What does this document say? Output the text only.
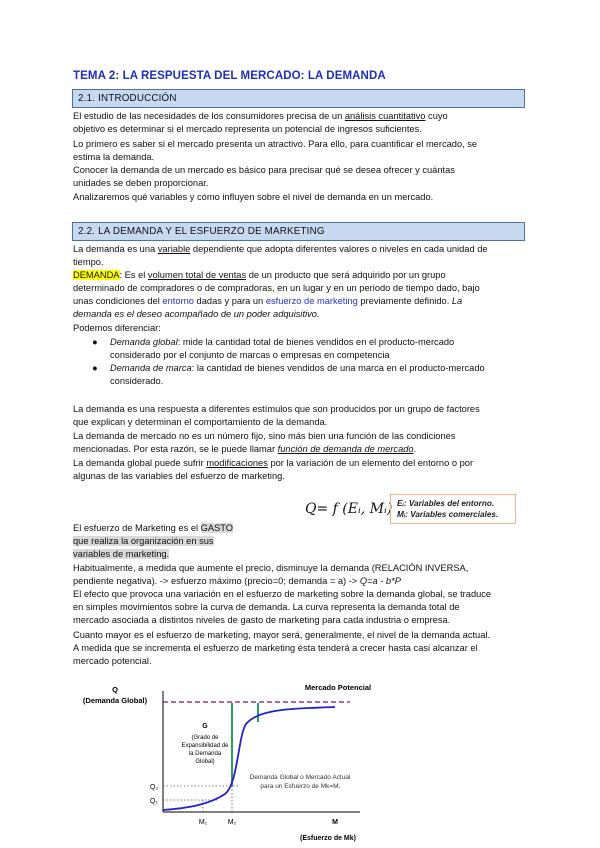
TEMA 2: LA RESPUESTA DEL MERCADO: LA DEMANDA
2.1. INTRODUCCIÓN
El estudio de las necesidades de los consumidores precisa de un análisis cuantitativo cuyo
objetivo es determinar si el mercado representa un potencial de ingresos suficientes.
Lo primero es saber si el mercado presenta un atractivo. Para ello, para cuantificar el mercado, se
estima la demanda.
Conocer la demanda de un mercado es básico para precisar qué se desea ofrecer y cuántas
unidades se deben proporcionar.
Analizaremos qué variables y cómo influyen sobre el nivel de demanda en un mercado.
2.2. LA DEMANDA Y EL ESFUERZO DE MARKETING
La demanda es una variable dependiente que adopta diferentes valores o niveles en cada unidad de
tiempo.
DEMANDA: Es el volumen total de ventas de un producto que será adquirido por un grupo
determinado de compradores o de compradoras, en un lugar y en un periodo de tiempo dado, bajo
unas condiciones del entorno dadas y para un esfuerzo de marketing previamente definido. La
demanda es el deseo acompañado de un poder adquisitivo.
Podemos diferenciar:
● Demanda global: mide la cantidad total de bienes vendidos en el producto-mercado
considerado por el conjunto de marcas o empresas en competencia
● Demanda de marca: la cantidad de bienes vendidos de una marca en el producto-mercado
considerado.
La demanda es una respuesta a diferentes estímulos que son producidos por un grupo de factores
que explican y determinan el comportamiento de la demanda.
La demanda de mercado no es un número fijo, sino más bien una función de las condiciones
mencionadas. Por esta razón, se le puede llamar función de demanda de mercado.
La demanda global puede sufrir modificaciones por la variación de un elemento del entorno o por
algunas de las variables del esfuerzo de marketing.
Q= f (Eᵢ, Mᵢ) Eᵢ: Variables del entorno.
Mᵢ: Variables comerciales.
El esfuerzo de Marketing es el GASTO
que realiza la organización en sus
variables de marketing.
Habitualmente, a medida que aumente el precio, disminuye la demanda (RELACIÓN INVERSA,
pendiente negativa). -> esfuerzo máximo (precio=0; demanda = a) -> Q=a - b*P
El efecto que provoca una variación en el esfuerzo de marketing sobre la demanda global, se traduce
en simples movimientos sobre la curva de demanda. La curva representa la demanda total de
mercado asociada a distintos niveles de gasto de marketing para cada industria o empresa.
Cuanto mayor es el esfuerzo de marketing, mayor será, generalmente, el nivel de la demanda actual.
A medida que se incrementa el esfuerzo de marketing ésta tenderá a crecer hasta casi alcanzar el
mercado potencial.
Q
(Demanda Global)
Mercado Potencial
G
(Grado de
Expansibilidad de
la Demanda
Global)
Q₂
Q₁
M₁	M₂	M
(Esfuerzo de Mk)
Demanda Global o Mercado Actual
para un Esfuerzo de Mk=Mᵢ
